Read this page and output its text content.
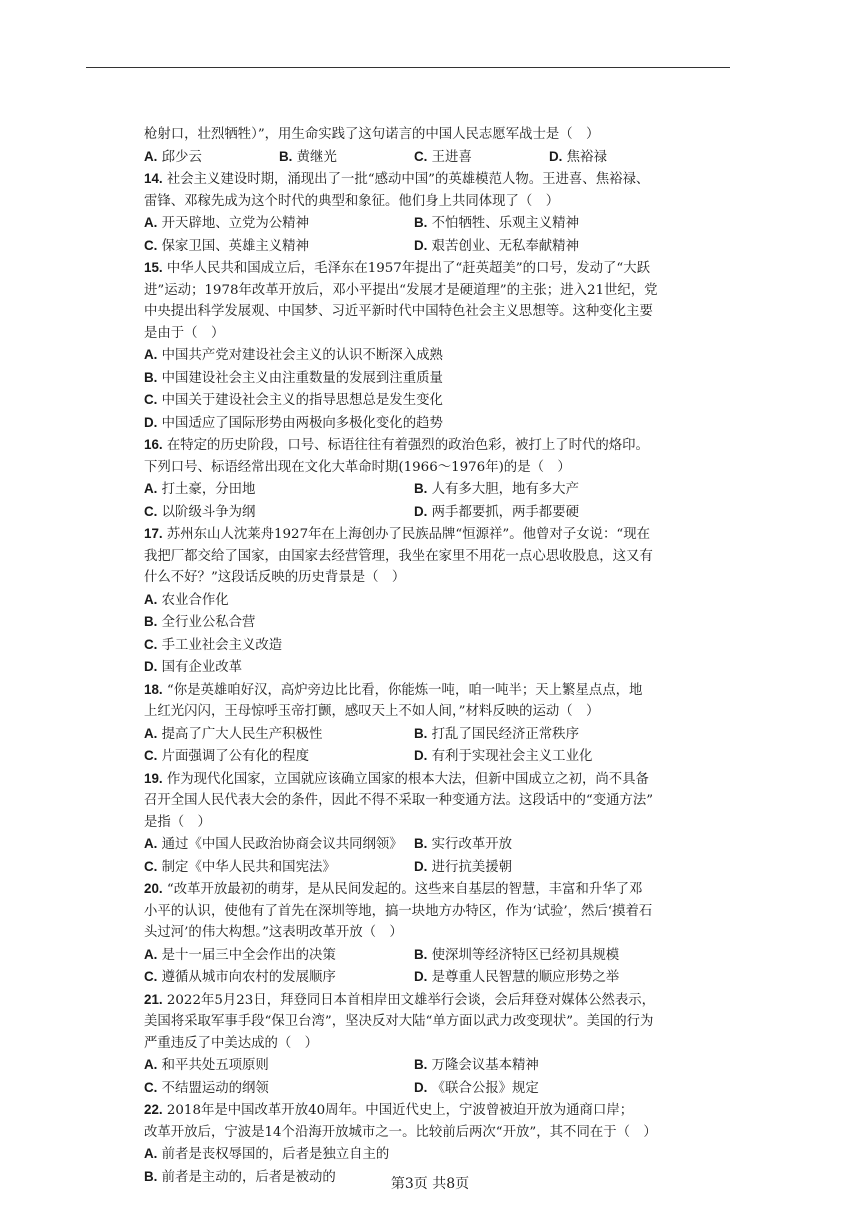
枪射口，壮烈牺牲）”，用生命实践了这句诺言的中国人民志愿军战士是（　）
A. 邱少云	B. 黄继光	C. 王进喜	D. 焦裕禄
14. 社会主义建设时期，涌现出了一批“感动中国”的英雄模范人物。王进喜、焦裕禄、
雷锋、邓稼先成为这个时代的典型和象征。他们身上共同体现了（　）
A. 开天辟地、立党为公精神	B. 不怕牺牲、乐观主义精神
C. 保家卫国、英雄主义精神	D. 艰苦创业、无私奉献精神
15. 中华人民共和国成立后，毛泽东在1957年提出了“赶英超美”的口号，发动了“大跃
进”运动；1978年改革开放后，邓小平提出“发展才是硬道理”的主张；进入21世纪，党
中央提出科学发展观、中国梦、习近平新时代中国特色社会主义思想等。这种变化主要
是由于（　）
A. 中国共产党对建设社会主义的认识不断深入成熟
B. 中国建设社会主义由注重数量的发展到注重质量
C. 中国关于建设社会主义的指导思想总是发生变化
D. 中国适应了国际形势由两极向多极化变化的趋势
16. 在特定的历史阶段，口号、标语往往有着强烈的政治色彩，被打上了时代的烙印。
下列口号、标语经常出现在文化大革命时期(1966～1976年)的是（　）
A. 打土豪，分田地	B. 人有多大胆，地有多大产
C. 以阶级斗争为纲	D. 两手都要抓，两手都要硬
17. 苏州东山人沈莱舟1927年在上海创办了民族品牌“恒源祥”。他曾对子女说：“现在
我把厂都交给了国家，由国家去经营管理，我坐在家里不用花一点心思收股息，这又有
什么不好？”这段话反映的历史背景是（　）
A. 农业合作化
B. 全行业公私合营
C. 手工业社会主义改造
D. 国有企业改革
18. “你是英雄咱好汉，高炉旁边比比看，你能炼一吨，咱一吨半；天上繁星点点，地
上红光闪闪，王母惊呼玉帝打颤，感叹天上不如人间，”材料反映的运动（　）
A. 提高了广大人民生产积极性	B. 打乱了国民经济正常秩序
C. 片面强调了公有化的程度	D. 有利于实现社会主义工业化
19. 作为现代化国家，立国就应该确立国家的根本大法，但新中国成立之初，尚不具备
召开全国人民代表大会的条件，因此不得不采取一种变通方法。这段话中的“变通方法”
是指（　）
A. 通过《中国人民政治协商会议共同纲领》 B. 实行改革开放
C. 制定《中华人民共和国宪法》	D. 进行抗美援朝
20. “改革开放最初的萌芽，是从民间发起的。这些来自基层的智慧，丰富和升华了邓
小平的认识，使他有了首先在深圳等地，搞一块地方办特区，作为‘试验’，然后‘摸着石
头过河’的伟大构想。”这表明改革开放（　）
A. 是十一届三中全会作出的决策	B. 使深圳等经济特区已经初具规模
C. 遵循从城市向农村的发展顺序	D. 是尊重人民智慧的顺应形势之举
21. 2022年5月23日，拜登同日本首相岸田文雄举行会谈，会后拜登对媒体公然表示，
美国将采取军事手段“保卫台湾”，坚决反对大陆“单方面以武力改变现状”。美国的行为
严重违反了中美达成的（　）
A. 和平共处五项原则	B. 万隆会议基本精神
C. 不结盟运动的纲领	D. 《联合公报》规定
22. 2018年是中国改革开放40周年。中国近代史上，宁波曾被迫开放为通商口岸；
改革开放后，宁波是14个沿海开放城市之一。比较前后两次“开放”，其不同在于（　）
A. 前者是丧权辱国的，后者是独立自主的
B. 前者是主动的，后者是被动的	第3页 共8页
